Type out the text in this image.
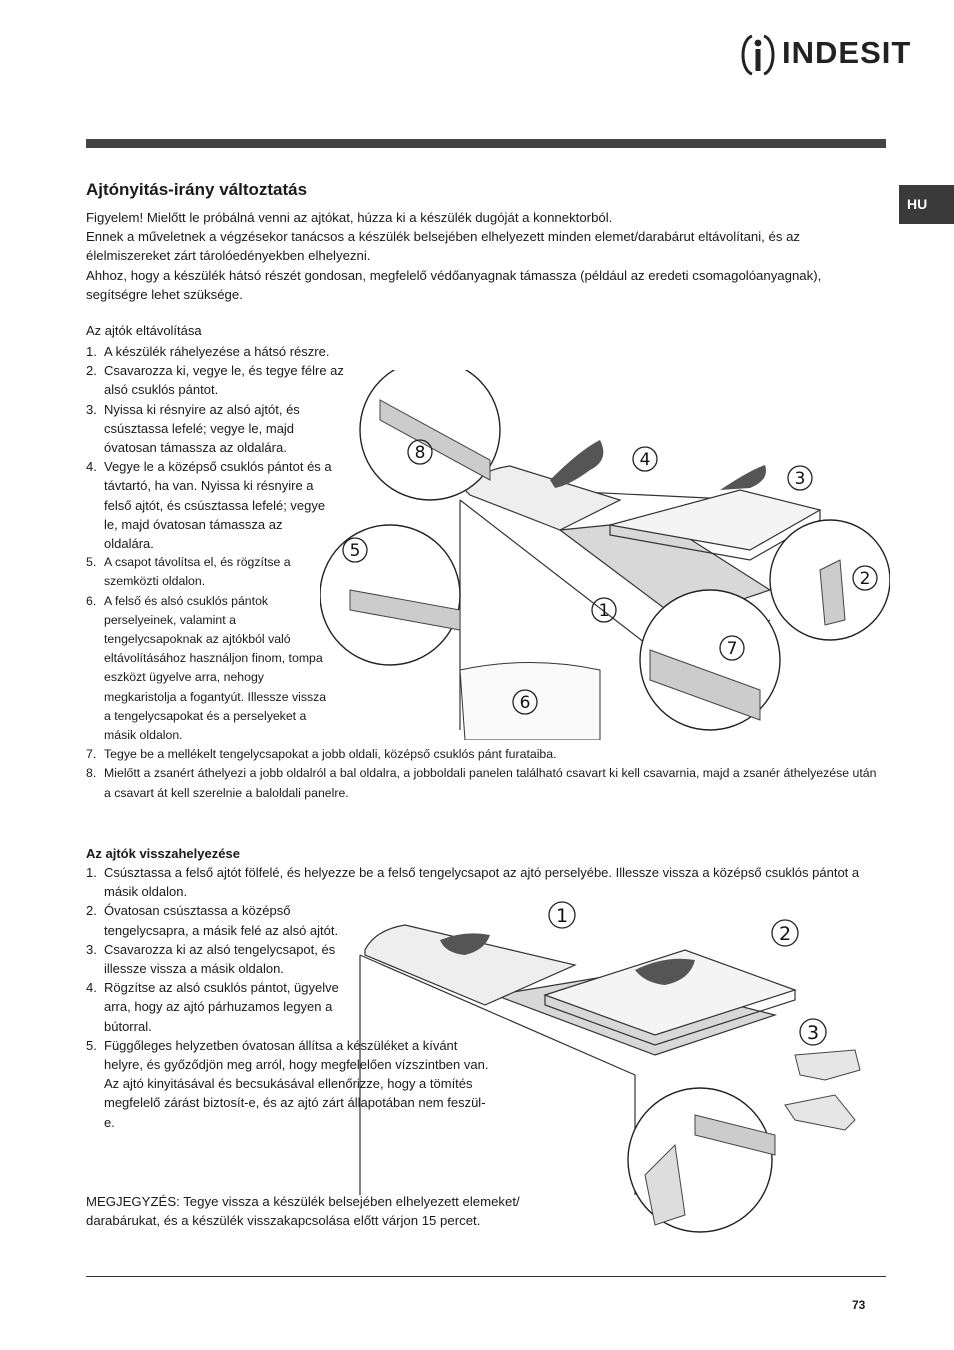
INDESIT
HU
Ajtónyitás-irány változtatás
Figyelem! Mielőtt le próbálná venni az ajtókat, húzza ki a készülék dugóját a konnektorból.
Ennek a műveletnek a végzésekor tanácsos a készülék belsejében elhelyezett minden elemet/darabárut eltávolítani, és az élelmiszereket zárt tárolóedényekben elhelyezni.
Ahhoz, hogy a készülék hátsó részét gondosan, megfelelő védőanyagnak támassza (például az eredeti csomagolóanyagnak), segítségre lehet szüksége.
Az ajtók eltávolítása
1. A készülék ráhelyezése a hátsó részre.
2. Csavarozza ki, vegye le, és tegye félre az alsó csuklós pántot.
3. Nyissa ki résnyire az alsó ajtót, és csúsztassa lefelé; vegye le, majd óvatosan támassza az oldalára.
4. Vegye le a középső csuklós pántot és a távtartó, ha van. Nyissa ki résnyire a felső ajtót, és csúsztassa lefelé; vegye le, majd óvatosan támassza az oldalára.
5. A csapot távolítsa el, és rögzítse a szemközti oldalon.
6. A felső és alsó csuklós pántok perselyeinek, valamint a tengelycsapoknak az ajtókból való eltávolításához használjon finom, tompa eszközt ügyelve arra, nehogy megkaristolja a fogantyút. Illessze vissza a tengelycsapokat és a perselyeket a másik oldalon.
7. Tegye be a mellékelt tengelycsapokat a jobb oldali, középső csuklós pánt furataiba.
8. Mielőtt a zsanért áthelyezi a jobb oldalról a bal oldalra, a jobboldali panelen található csavart ki kell csavarnia, majd a zsanér áthelyezése után a csavart át kell szerelnie a baloldali panelre.
8
5
4
3
2
1
7
6
Az ajtók visszahelyezése
1. Csúsztassa a felső ajtót fölfelé, és helyezze be a felső tengelycsapot az ajtó perselyébe. Illessze vissza a középső csuklós pántot a másik oldalon.
2. Óvatosan csúsztassa a középső tengelycsapra, a másik felé az alsó ajtót.
3. Csavarozza ki az alsó tengelycsapot, és illessze vissza a másik oldalon.
4. Rögzítse az alsó csuklós pántot, ügyelve arra, hogy az ajtó párhuzamos legyen a bútorral.
5. Függőleges helyzetben óvatosan állítsa a készüléket a kívánt helyre, és győződjön meg arról, hogy megfelelően vízszintben van. Az ajtó kinyitásával és becsukásával ellenőrizze, hogy a tömítés megfelelő zárást biztosít-e, és az ajtó zárt állapotában nem feszül-e.
1
2
3
MEGJEGYZÉS: Tegye vissza a készülék belsejében elhelyezett elemeket/ darabárukat, és a készülék visszakapcsolása előtt várjon 15 percet.
73
